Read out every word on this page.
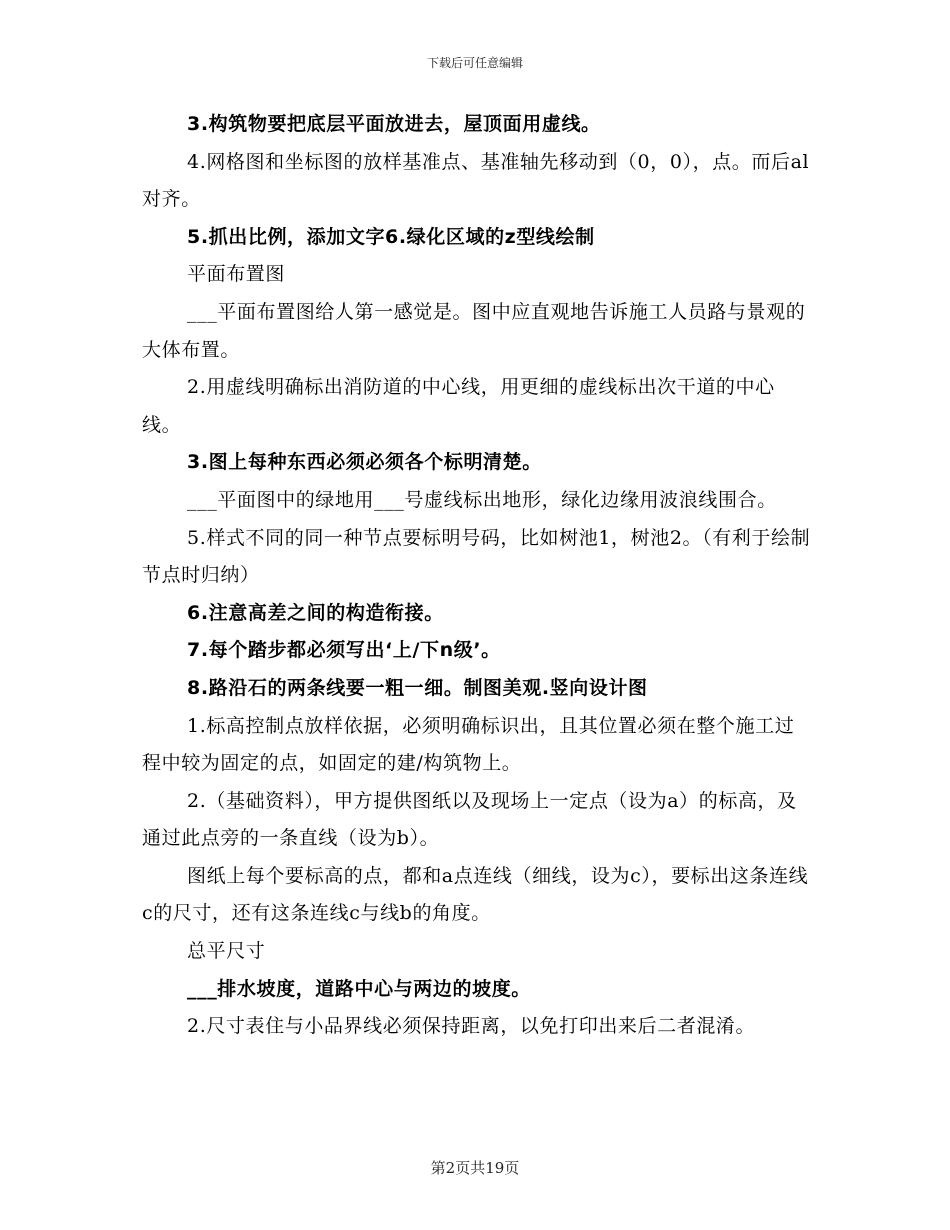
下载后可任意编辑

3.构筑物要把底层平面放进去，屋顶面用虚线。

4.网格图和坐标图的放样基准点、基准轴先移动到（0，0），点。而后al对齐。

5.抓出比例，添加文字6.绿化区域的z型线绘制

平面布置图

___平面布置图给人第一感觉是。图中应直观地告诉施工人员路与景观的大体布置。

2.用虚线明确标出消防道的中心线，用更细的虚线标出次干道的中心线。

3.图上每种东西必须必须各个标明清楚。

___平面图中的绿地用___号虚线标出地形，绿化边缘用波浪线围合。

5.样式不同的同一种节点要标明号码，比如树池1，树池2。（有利于绘制节点时归纳）

6.注意高差之间的构造衔接。

7.每个踏步都必须写出‘上/下n级’。

8.路沿石的两条线要一粗一细。制图美观.竖向设计图

1.标高控制点放样依据，必须明确标识出，且其位置必须在整个施工过程中较为固定的点，如固定的建/构筑物上。

2.（基础资料），甲方提供图纸以及现场上一定点（设为a）的标高，及通过此点旁的一条直线（设为b）。

图纸上每个要标高的点，都和a点连线（细线，设为c），要标出这条连线c的尺寸，还有这条连线c与线b的角度。

总平尺寸

___排水坡度，道路中心与两边的坡度。

2.尺寸表住与小品界线必须保持距离，以免打印出来后二者混淆。

第2页共19页
